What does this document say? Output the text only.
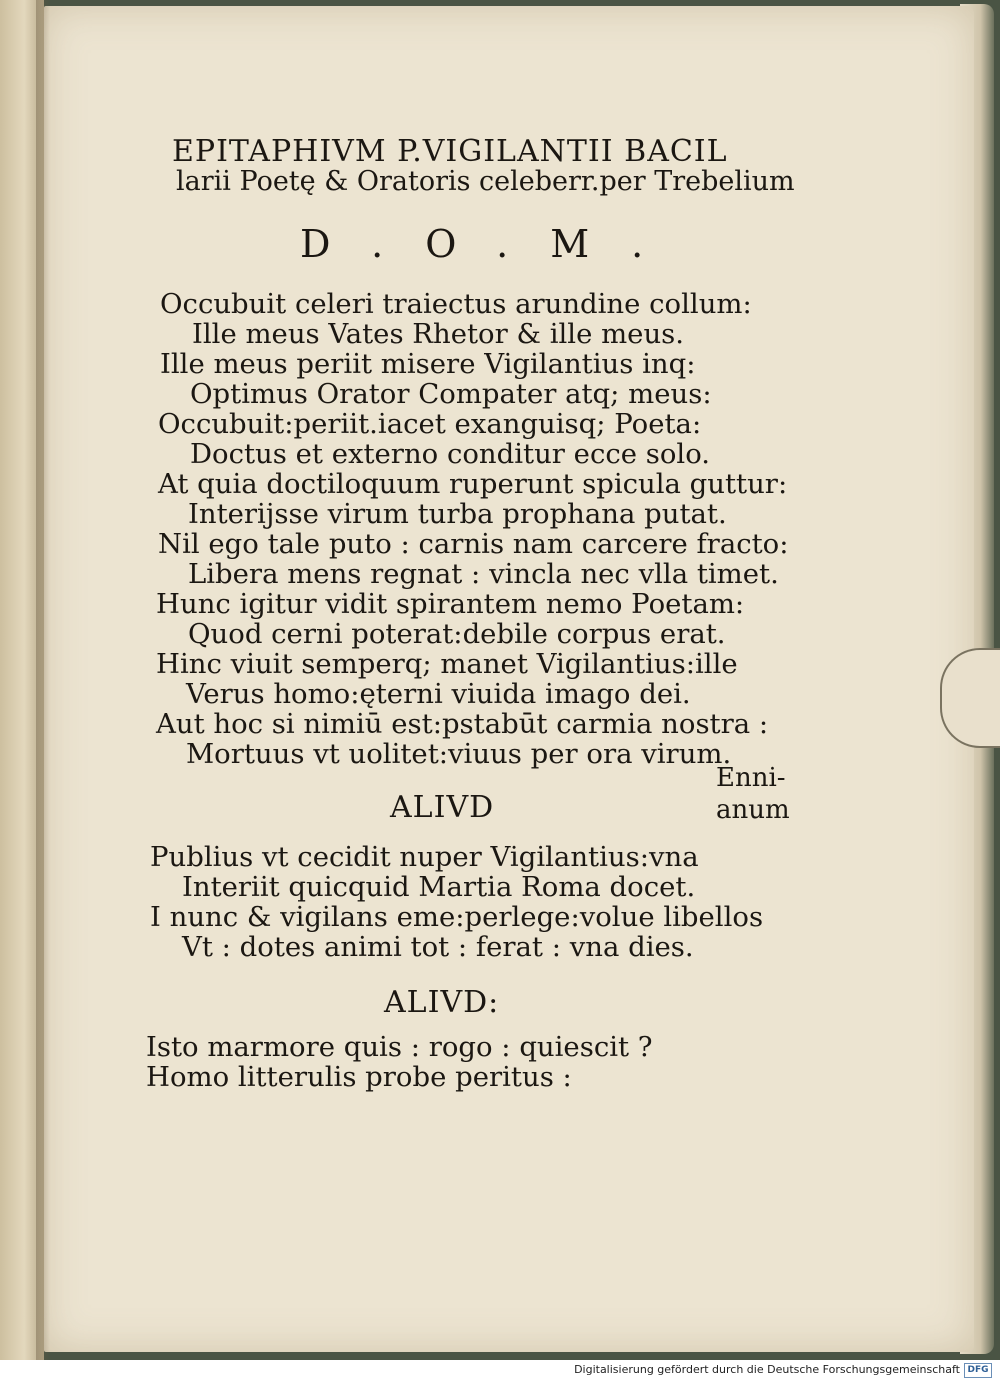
EPITAPHIVM P.VIGILANTII BACIL
larii Poetę & Oratoris celeberr.per Trebelium
D.O.M.
Occubuit celeri traiectus arundine collum:
Ille meus Vates Rhetor & ille meus.
Ille meus periit misere Vigilantius inq:
Optimus Orator Compater atq; meus:
Occubuit:periit.iacet exanguisq; Poeta:
Doctus et externo conditur ecce solo.
At quia doctiloquum ruperunt spicula guttur:
Interijsse virum turba prophana putat.
Nil ego tale puto : carnis nam carcere fracto:
Libera mens regnat : vincla nec vlla timet.
Hunc igitur vidit spirantem nemo Poetam:
Quod cerni poterat:debile corpus erat.
Hinc viuit semperq; manet Vigilantius:ille
Verus homo:ęterni viuida imago dei.
Aut hoc si nimiū est:pstabūt carmia nostra :
Mortuus vt uolitet:viuus per ora virum.
Enni-
anum
ALIVD
Publius vt cecidit nuper Vigilantius:vna
Interiit quicquid Martia Roma docet.
I nunc & vigilans eme:perlege:volue libellos
Vt : dotes animi tot : ferat : vna dies.
ALIVD:
Isto marmore quis : rogo : quiescit ?
Homo litterulis probe peritus :
Digitalisierung gefördert durch die Deutsche Forschungsgemeinschaft DFG
